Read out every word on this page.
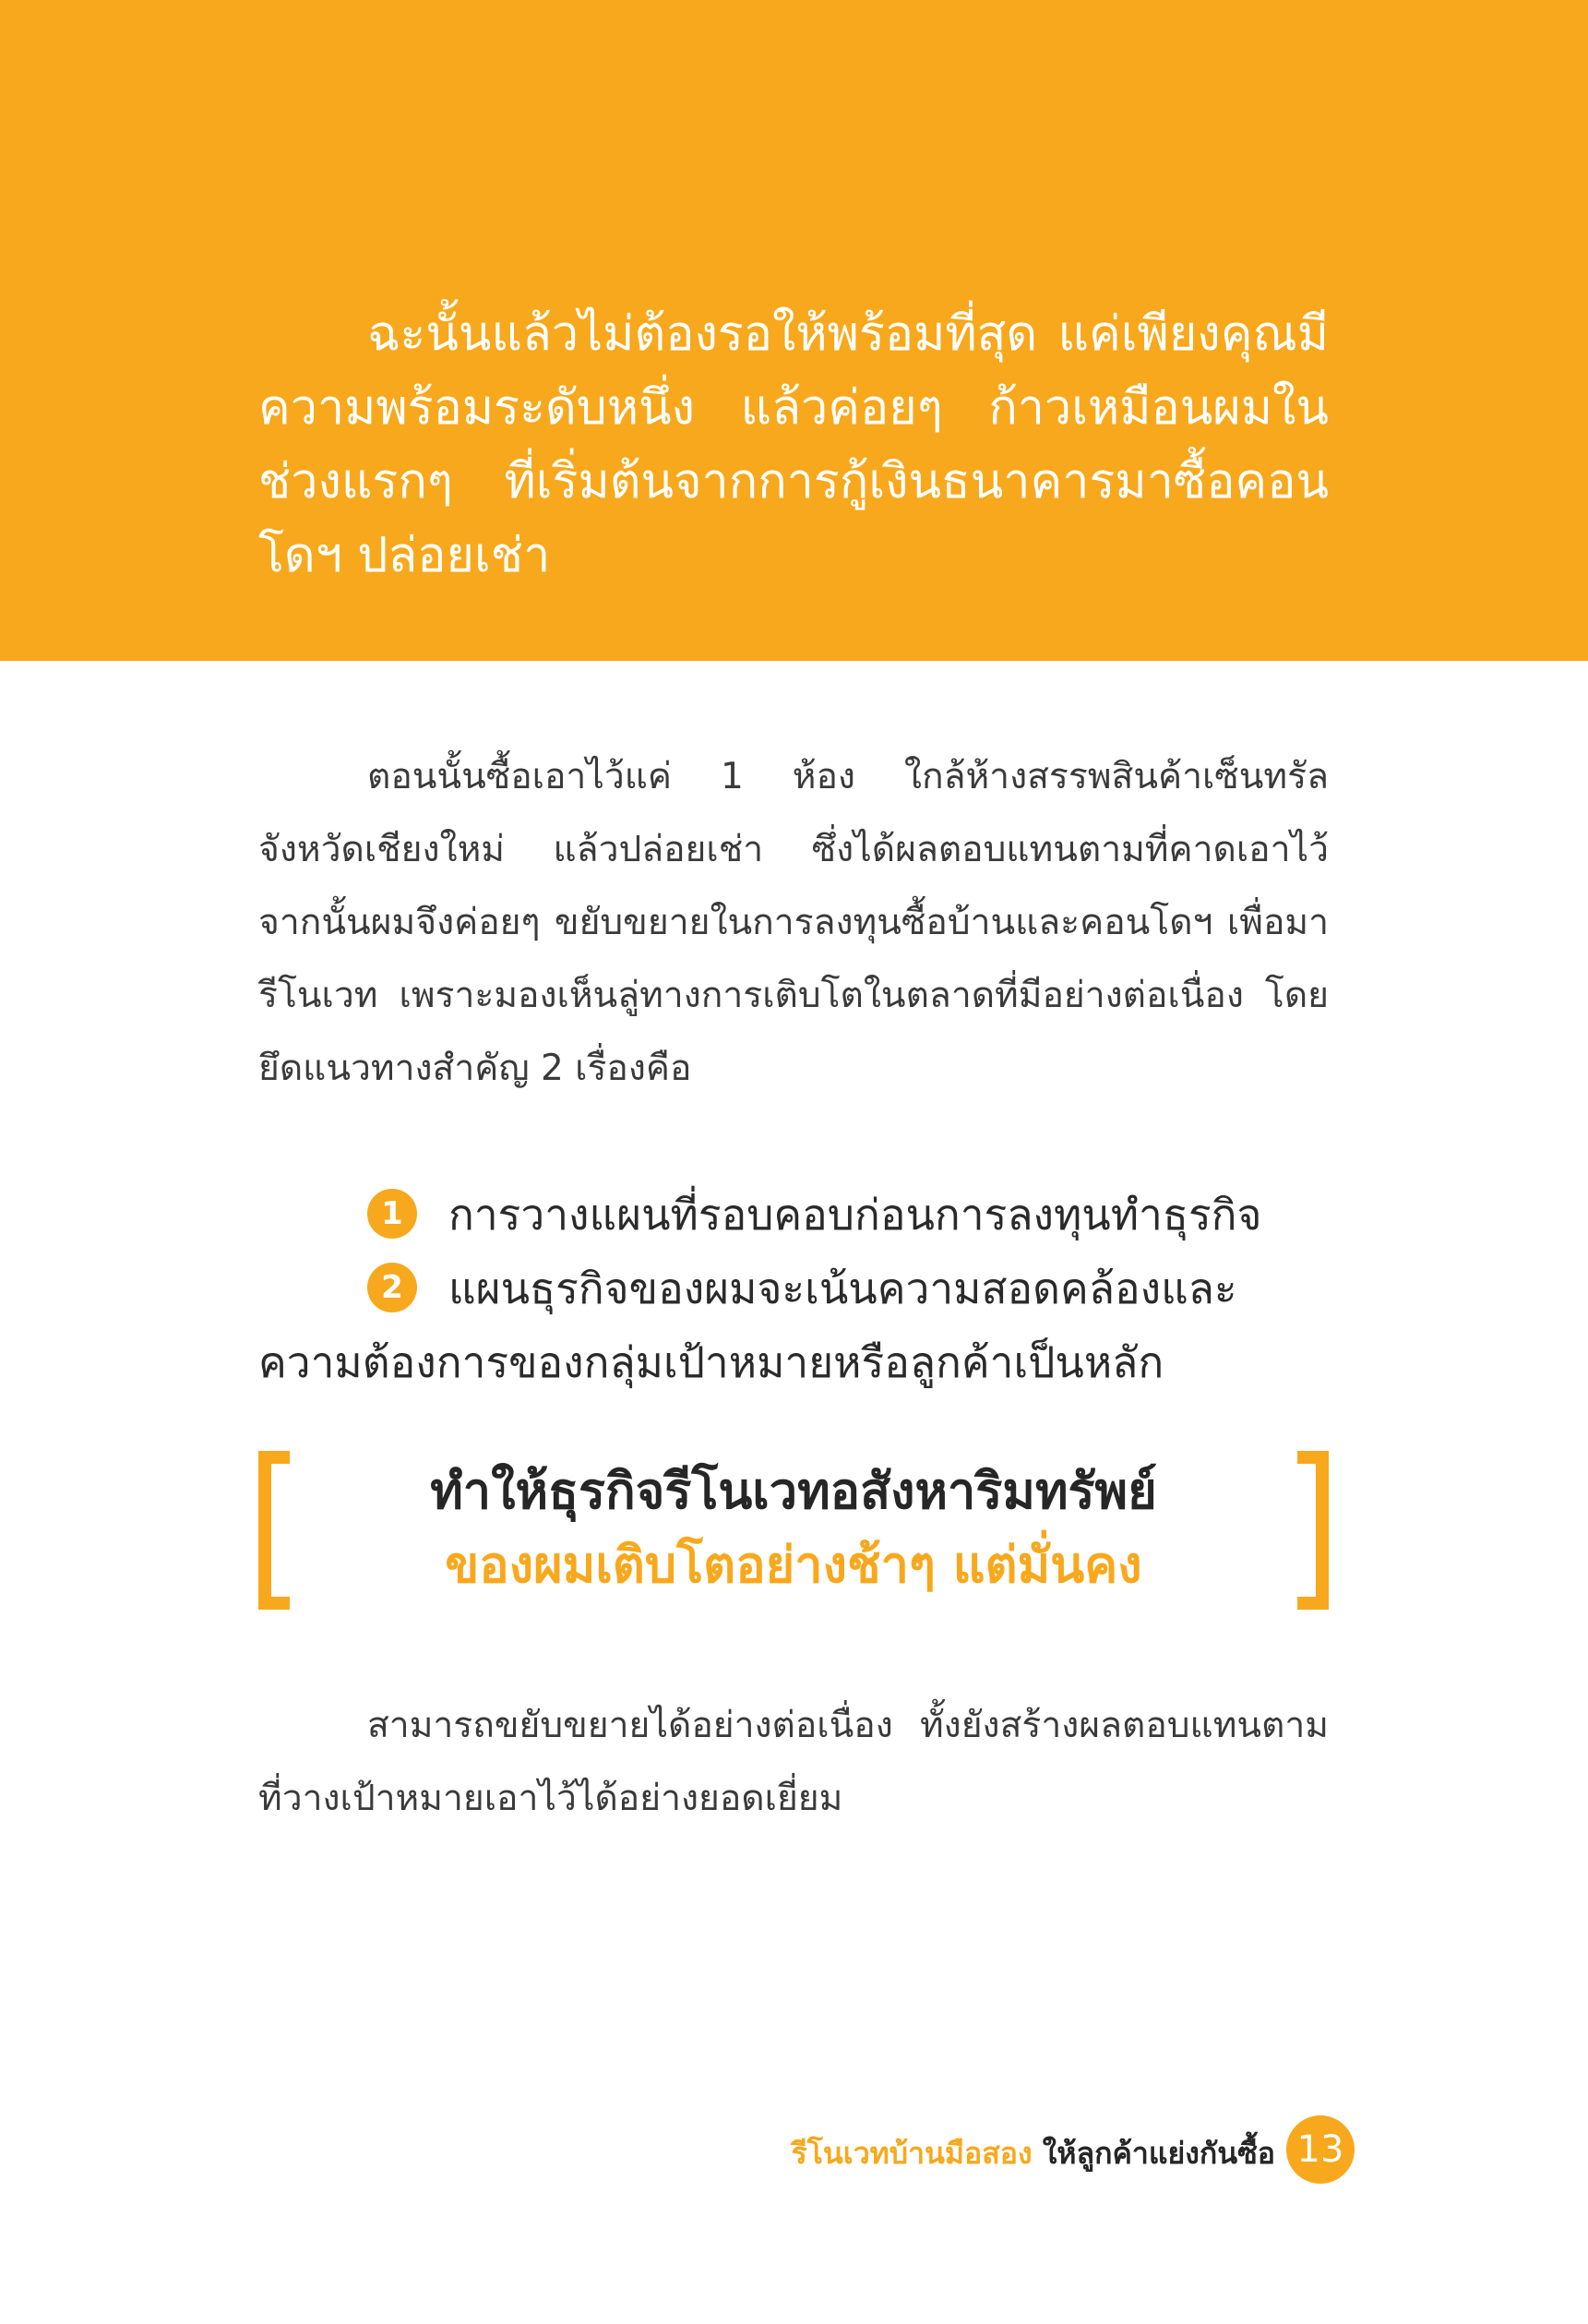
ฉะนั้นแล้วไม่ต้องรอให้พร้อมที่สุด แค่เพียงคุณมีความพร้อมระดับหนึ่ง แล้วค่อยๆ ก้าวเหมือนผมในช่วงแรกๆ ที่เริ่มต้นจากการกู้เงินธนาคารมาซื้อคอนโดฯ ปล่อยเช่า

ตอนนั้นซื้อเอาไว้แค่ 1 ห้อง ใกล้ห้างสรรพสินค้าเซ็นทรัล จังหวัดเชียงใหม่ แล้วปล่อยเช่า ซึ่งได้ผลตอบแทนตามที่คาดเอาไว้ จากนั้นผมจึงค่อยๆ ขยับขยายในการลงทุนซื้อบ้านและคอนโดฯ เพื่อมารีโนเวท เพราะมองเห็นลู่ทางการเติบโตในตลาดที่มีอย่างต่อเนื่อง โดยยึดแนวทางสำคัญ 2 เรื่องคือ

1 การวางแผนที่รอบคอบก่อนการลงทุนทำธุรกิจ
2 แผนธุรกิจของผมจะเน้นความสอดคล้องและความต้องการของกลุ่มเป้าหมายหรือลูกค้าเป็นหลัก

ทำให้ธุรกิจรีโนเวทอสังหาริมทรัพย์

ของผมเติบโตอย่างช้าๆ แต่มั่นคง

สามารถขยับขยายได้อย่างต่อเนื่อง ทั้งยังสร้างผลตอบแทนตามที่วางเป้าหมายเอาไว้ได้อย่างยอดเยี่ยม

รีโนเวทบ้านมือสอง ให้ลูกค้าแย่งกันซื้อ 13
